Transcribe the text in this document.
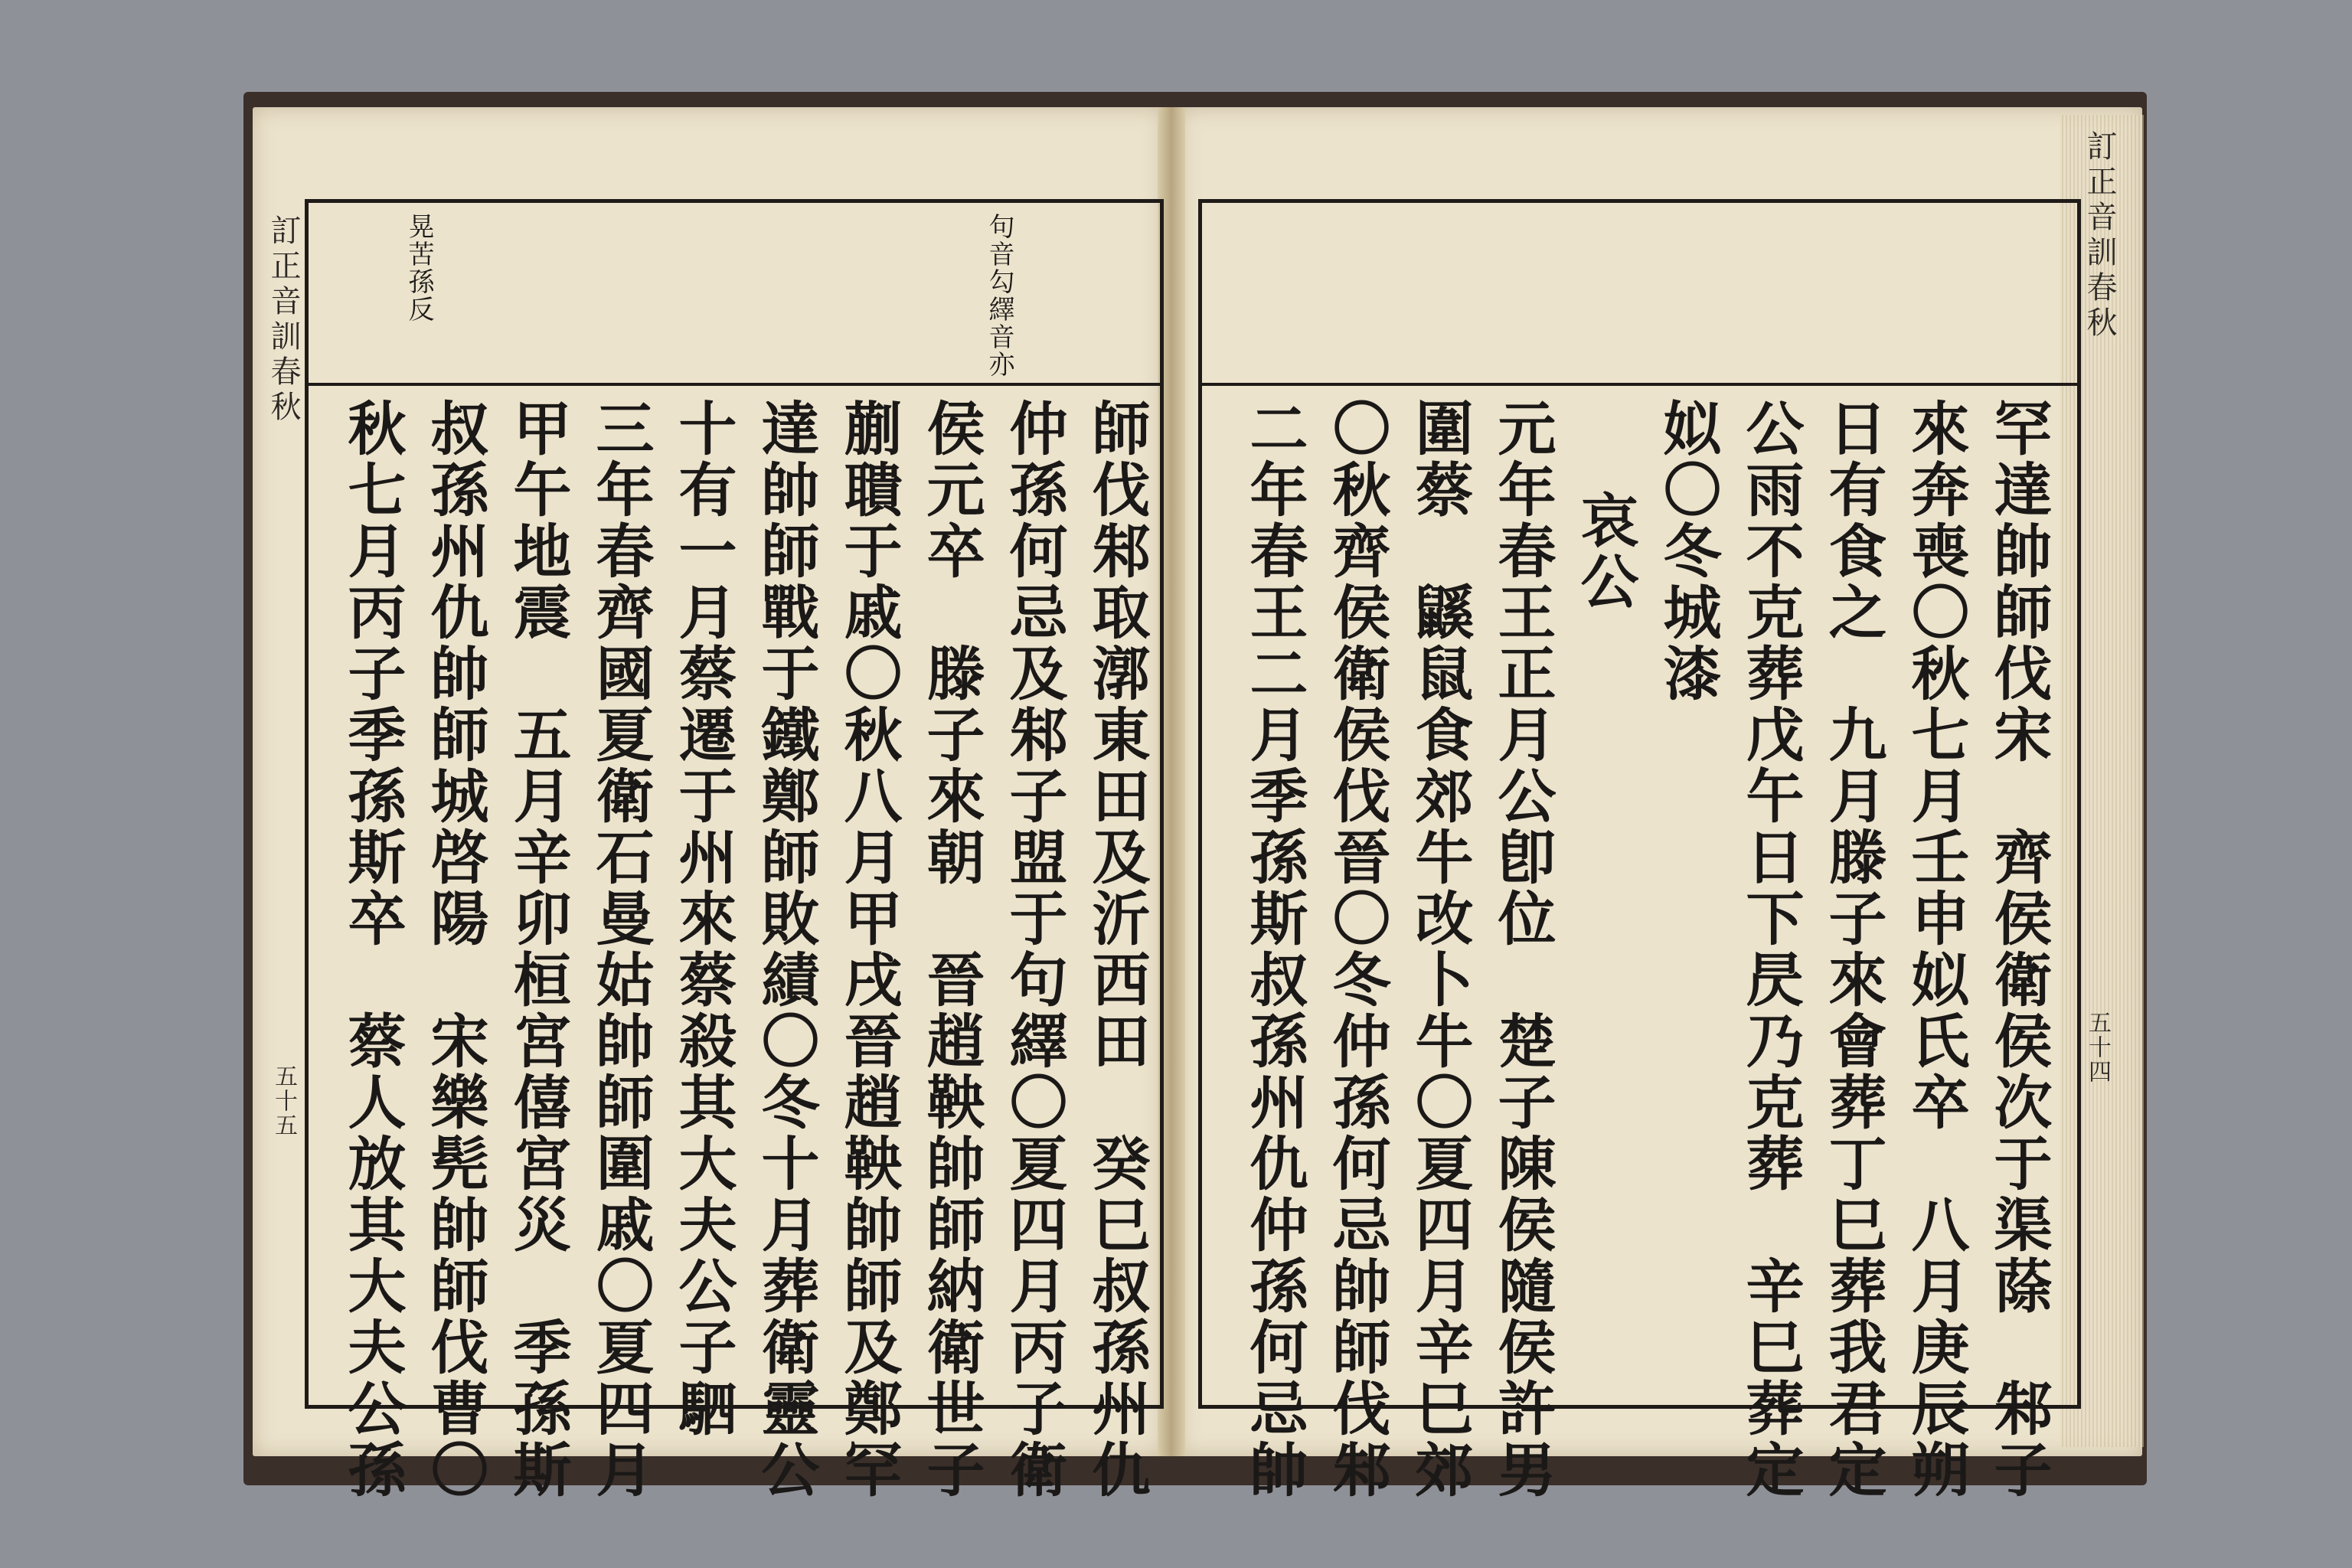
訂正音訓春秋	訂正音訓春秋
五十五
五十四
句音勾繹音亦
晃苦孫反
師伐邾取漷東田及沂西田　癸巳叔孫州仇
仲孫何忌及邾子盟于句繹〇夏四月丙子衛
侯元卒　滕子來朝　晉趙鞅帥師納衛世子
蒯聵于戚〇秋八月甲戌晉趙鞅帥師及鄭罕
達帥師戰于鐵鄭師敗績〇冬十月葬衛靈公
十有一月蔡遷于州來蔡殺其大夫公子駟
三年春齊國夏衛石曼姑帥師圍戚〇夏四月
甲午地震　五月辛卯桓宮僖宮災　季孫斯
叔孫州仇帥師城啓陽　宋樂髡帥師伐曹〇
秋七月丙子季孫斯卒　蔡人放其大夫公孫	罕達帥師伐宋　齊侯衛侯次于渠蒢　邾子
來奔喪〇秋七月壬申姒氏卒　八月庚辰朔
日有食之　九月滕子來會葬丁巳葬我君定
公雨不克葬戊午日下昃乃克葬　辛巳葬定
姒〇冬城漆
哀公
元年春王正月公卽位　楚子陳侯隨侯許男
圍蔡　鼷鼠食郊牛改卜牛〇夏四月辛巳郊
〇秋齊侯衛侯伐晉〇冬仲孫何忌帥師伐邾
二年春王二月季孫斯叔孫州仇仲孫何忌帥
